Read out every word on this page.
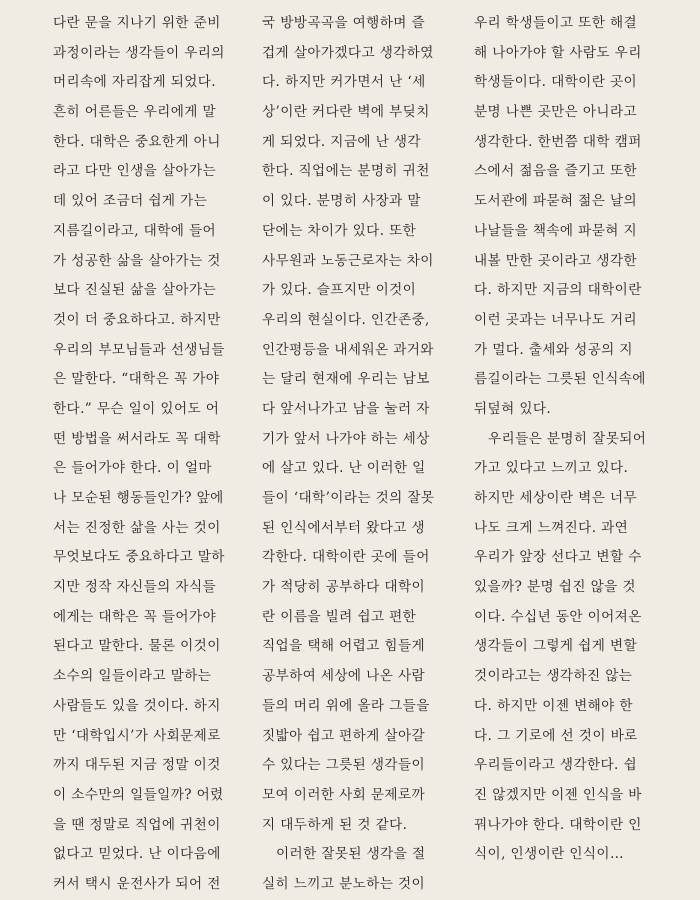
다란 문을 지나기 위한 준비
과정이라는 생각들이 우리의
머리속에 자리잡게 되었다.
흔히 어른들은 우리에게 말
한다. 대학은 중요한게 아니
라고 다만 인생을 살아가는
데 있어 조금더 쉽게 가는
지름길이라고, 대학에 들어
가 성공한 삶을 살아가는 것
보다 진실된 삶을 살아가는
것이 더 중요하다고. 하지만
우리의 부모님들과 선생님들
은 말한다. “대학은 꼭 가야
한다.” 무슨 일이 있어도 어
떤 방법을 써서라도 꼭 대학
은 들어가야 한다. 이 얼마
나 모순된 행동들인가? 앞에
서는 진정한 삶을 사는 것이
무엇보다도 중요하다고 말하
지만 정작 자신들의 자식들
에게는 대학은 꼭 들어가야
된다고 말한다. 물론 이것이
소수의 일들이라고 말하는
사람들도 있을 것이다. 하지
만 ‘대학입시’가 사회문제로
까지 대두된 지금 정말 이것
이 소수만의 일들일까? 어렸
을 땐 정말로 직업에 귀천이
없다고 믿었다. 난 이다음에
커서 택시 운전사가 되어 전
국 방방곡곡을 여행하며 즐
겁게 살아가겠다고 생각하였
다. 하지만 커가면서 난 ‘세
상’이란 커다란 벽에 부딪치
게 되었다. 지금에 난 생각
한다. 직업에는 분명히 귀천
이 있다. 분명히 사장과 말
단에는 차이가 있다. 또한
사무원과 노동근로자는 차이
가 있다. 슬프지만 이것이
우리의 현실이다. 인간존중,
인간평등을 내세워온 과거와
는 달리 현재에 우리는 남보
다 앞서나가고 남을 눌러 자
기가 앞서 나가야 하는 세상
에 살고 있다. 난 이러한 일
들이 ‘대학’이라는 것의 잘못
된 인식에서부터 왔다고 생
각한다. 대학이란 곳에 들어
가 적당히 공부하다 대학이
란 이름을 빌려 쉽고 편한
직업을 택해 어렵고 힘들게
공부하여 세상에 나온 사람
들의 머리 위에 올라 그들을
짓밟아 쉽고 편하게 살아갈
수 있다는 그릇된 생각들이
모여 이러한 사회 문제로까
지 대두하게 된 것 같다.
이러한 잘못된 생각을 절
실히 느끼고 분노하는 것이
우리 학생들이고 또한 해결
해 나아가야 할 사람도 우리
학생들이다. 대학이란 곳이
분명 나쁜 곳만은 아니라고
생각한다. 한번쯤 대학 캠퍼
스에서 젊음을 즐기고 또한
도서관에 파묻혀 젊은 날의
나날들을 책속에 파묻혀 지
내볼 만한 곳이라고 생각한
다. 하지만 지금의 대학이란
이런 곳과는 너무나도 거리
가 멀다. 출세와 성공의 지
름길이라는 그릇된 인식속에
뒤덮혀 있다.
우리들은 분명히 잘못되어
가고 있다고 느끼고 있다.
하지만 세상이란 벽은 너무
나도 크게 느껴진다. 과연
우리가 앞장 선다고 변할 수
있을까? 분명 쉽진 않을 것
이다. 수십년 동안 이어져온
생각들이 그렇게 쉽게 변할
것이라고는 생각하진 않는
다. 하지만 이젠 변해야 한
다. 그 기로에 선 것이 바로
우리들이라고 생각한다. 쉽
진 않겠지만 이젠 인식을 바
꿔나가야 한다. 대학이란 인
식이, 인생이란 인식이…
